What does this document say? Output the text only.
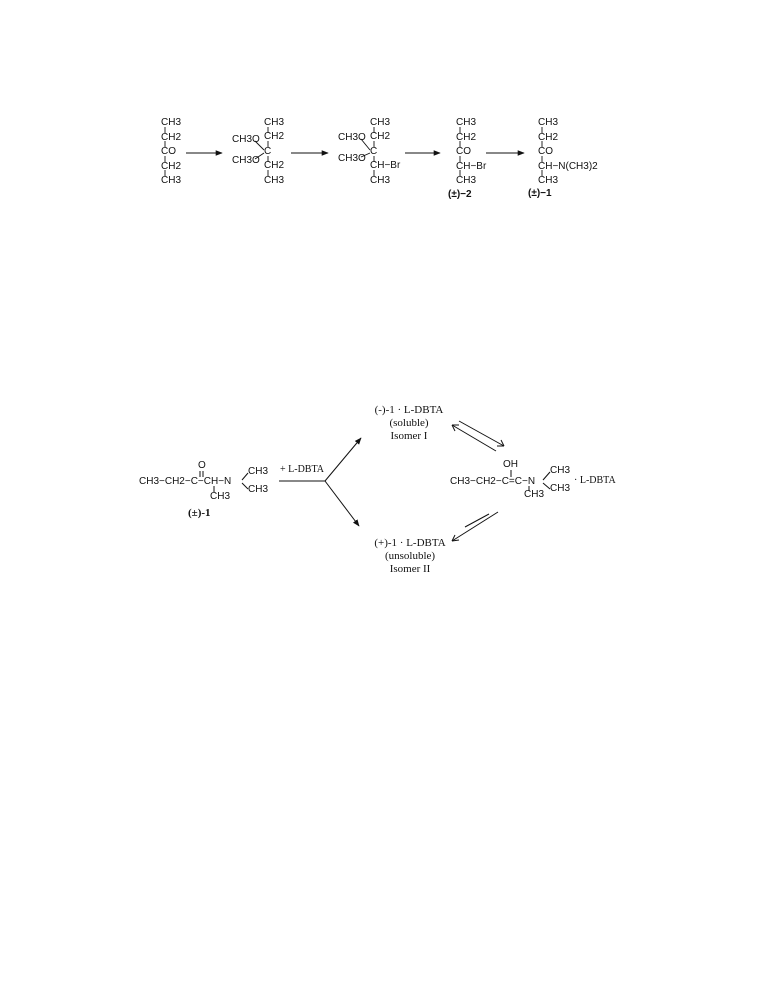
CH3
CH2
CO
CH2
CH3
CH3
CH2
CH3O
C
CH3O CH2
CH3
CH3
CH2
CH3O
C
CH3O
CH−Br
CH3
CH3
CH2
CO
CH−Br
CH3
(±)−2
CH3
CH2
CO
CH−N(CH3)2
CH3
(±)−1
O
CH3−CH2−C−CH−N
CH3
CH3
CH3
(±)-1
+ L-DBTA
(-)-1 · L-DBTA
(soluble)
Isomer I
(+)-1 · L-DBTA
(unsoluble)
Isomer II
OH
CH3−CH2−C=C−N
CH3
CH3
CH3
· L-DBTA
